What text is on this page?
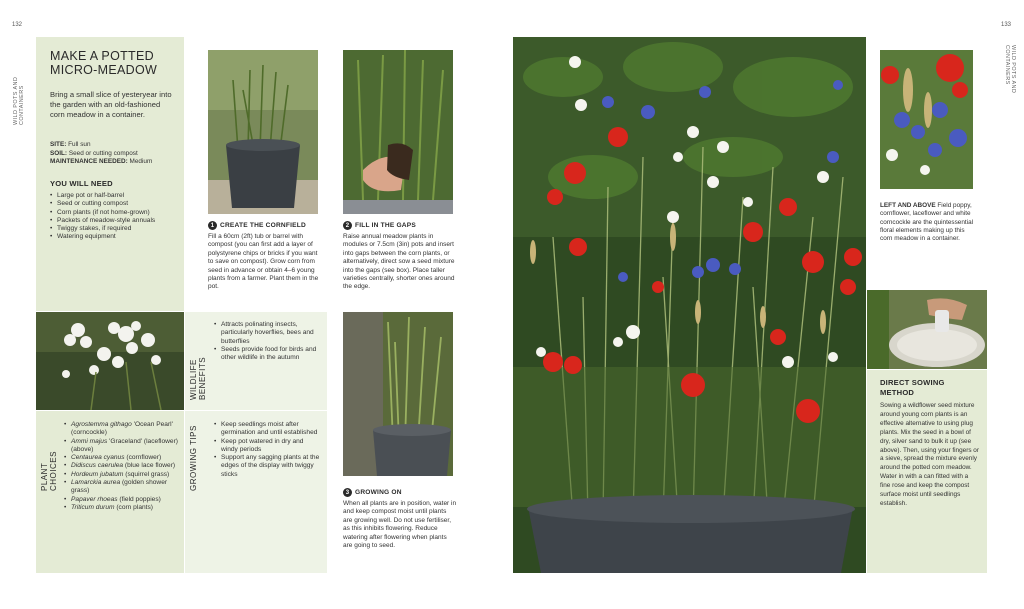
132
WILD POTS AND CONTAINERS
MAKE A POTTED
MICRO-MEADOW
Bring a small slice of yesteryear into the garden with an old-fashioned corn meadow in a container.
SITE: Full sun
SOIL: Seed or cutting compost
MAINTENANCE NEEDED: Medium
YOU WILL NEED
• Large pot or half-barrel
• Seed or cutting compost
• Corn plants (if not home-grown)
• Packets of meadow-style annuals
• Twiggy stakes, if required
• Watering equipment
PLANT CHOICES
• Agrostemma githago 'Ocean Pearl' (corncockle)
• Ammi majus 'Graceland' (laceflower) (above)
• Centaurea cyanus (cornflower)
• Didiscus caerulea (blue lace flower)
• Hordeum jubatum (squirrel grass)
• Lamarckia aurea (golden shower grass)
• Papaver rhoeas (field poppies)
• Triticum durum (corn plants)
WILDLIFE BENEFITS
• Attracts polinating insects, particularly hoverflies, bees and butterflies
• Seeds provide food for birds and other wildlife in the autumn
GROWING TIPS
• Keep seedlings moist after germination and until established
• Keep pot watered in dry and windy periods
• Support any sagging plants at the edges of the display with twiggy sticks
1 CREATE THE CORNFIELD
Fill a 60cm (2ft) tub or barrel with compost (you can first add a layer of polystyrene chips or bricks if you want to save on compost). Grow corn from seed in advance or obtain 4–6 young plants from a farmer. Plant them in the pot.
2 FILL IN THE GAPS
Raise annual meadow plants in modules or 7.5cm (3in) pots and insert into gaps between the corn plants, or alternatively, direct sow a seed mixture into the gaps (see box). Place taller varieties centrally, shorter ones around the edge.
3 GROWING ON
When all plants are in position, water in and keep compost moist until plants are growing well. Do not use fertiliser, as this inhibits flowering. Reduce watering after flowering when plants are going to seed.
LEFT AND ABOVE Field poppy, cornflower, laceflower and white corncockle are the quintessential floral elements making up this corn meadow in a container.
DIRECT SOWING
METHOD
Sowing a wildflower seed mixture around young corn plants is an effective alternative to using plug plants. Mix the seed in a bowl of dry, silver sand to bulk it up (see above). Then, using your fingers or a sieve, spread the mixture evenly around the potted corn meadow. Water in with a can fitted with a fine rose and keep the compost surface moist until seedlings establish.
133
WILD POTS AND CONTAINERS
